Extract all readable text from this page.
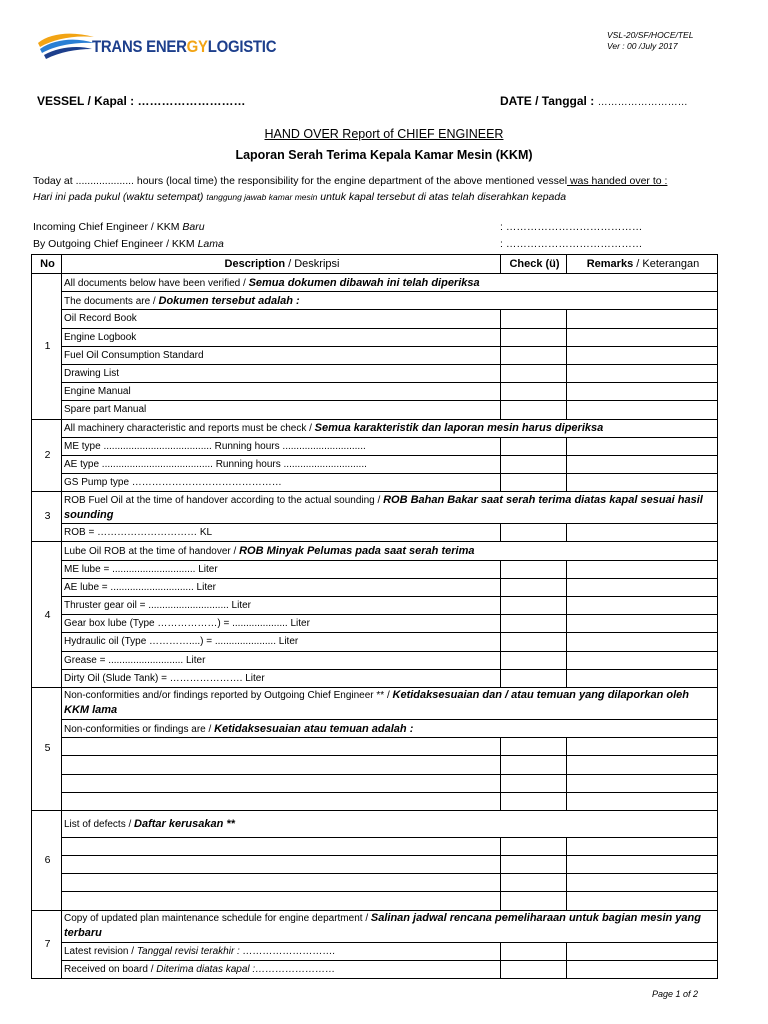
TRANS ENERGYLOGISTIC
VSL-20/SF/HOCE/TEL
Ver : 00 /July 2017
VESSEL / Kapal : ………………………	DATE / Tanggal : ………………………
HAND OVER Report of CHIEF ENGINEER
Laporan Serah Terima Kepala Kamar Mesin (KKM)
Today at .................... hours (local time) the responsibility for the engine department of the above mentioned vessel was handed over to :
Hari ini pada pukul (waktu setempat) tanggung jawab kamar mesin untuk kapal tersebut di atas telah diserahkan kepada
Incoming Chief Engineer / KKM Baru	: …………………………………
By Outgoing Chief Engineer / KKM Lama	: …………………………………
No	Description / Deskripsi	Check (ü)	Remarks / Keterangan
1	All documents below have been verified / Semua dokumen dibawah ini telah diperiksa		
	The documents are / Dokumen tersebut adalah :		
	Oil Record Book		
	Engine Logbook		
	Fuel Oil Consumption Standard		
	Drawing List		
	Engine Manual		
	Spare part Manual		
2	All machinery characteristic and reports must be check / Semua karakteristik dan laporan mesin harus diperiksa		
	ME type ....................................... Running hours ..............................		
	AE type ........................................ Running hours ..............................		
	GS Pump type ………………………………………		
3	ROB Fuel Oil at the time of handover according to the actual sounding / ROB Bahan Bakar saat serah terima diatas kapal sesuai hasil sounding		
	ROB = ………………………… KL		
4	Lube Oil ROB at the time of handover / ROB Minyak Pelumas pada saat serah terima		
	ME lube = .............................. Liter		
	AE lube = .............................. Liter		
	Thruster gear oil = ............................. Liter		
	Gear box lube (Type ………………) = .................... Liter		
	Hydraulic oil (Type …………....) = ...................... Liter		
	Grease = ........................... Liter		
	Dirty Oil (Slude Tank) = …………………. Liter		
5	Non-conformities and/or findings reported by Outgoing Chief Engineer ** / Ketidaksesuaian dan / atau temuan yang dilaporkan oleh KKM lama		
	Non-conformities or findings are / Ketidaksesuaian atau temuan adalah :		

6	List of defects / Daftar kerusakan **		

7	Copy of updated plan maintenance schedule for engine department / Salinan jadwal rencana pemeliharaan untuk bagian mesin yang terbaru		
	Latest revision / Tanggal revisi terakhir : ……………………….		
	Received on board / Diterima diatas kapal :……………………		
Page 1 of 2
